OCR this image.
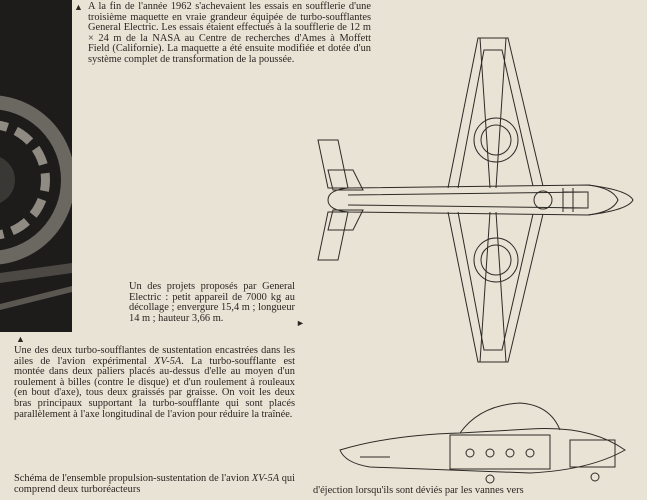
▲ A la fin de l'année 1962 s'achevaient les essais en soufflerie d'une troisième maquette en vraie grandeur équipée de turbo-soufflantes General Electric. Les essais étaient effectués à la soufflerie de 12 m × 24 m de la NASA au Centre de recherches d'Ames à Moffett Field (Californie). La maquette a été ensuite modifiée et dotée d'un système complet de transformation de la poussée.
Un des projets proposés par General Electric : petit appareil de 7000 kg au décollage ; envergure 15,4 m ; longueur 14 m ; hauteur 3,66 m.	►
▲
Une des deux turbo-soufflantes de sustentation encastrées dans les ailes de l'avion expérimental XV-5A. La turbo-soufflante est montée dans deux paliers placés au-dessus d'elle au moyen d'un roulement à billes (contre le disque) et d'un roulement à rouleaux (en bout d'axe), tous deux graissés par graisse. On voit les deux bras principaux supportant la turbo-soufflante qui sont placés parallèlement à l'axe longitudinal de l'avion pour réduire la traînée.
Schéma de l'ensemble propulsion-sustentation de l'avion XV-5A qui comprend deux turboréacteurs	d'éjection lorsqu'ils sont déviés par les vannes vers
